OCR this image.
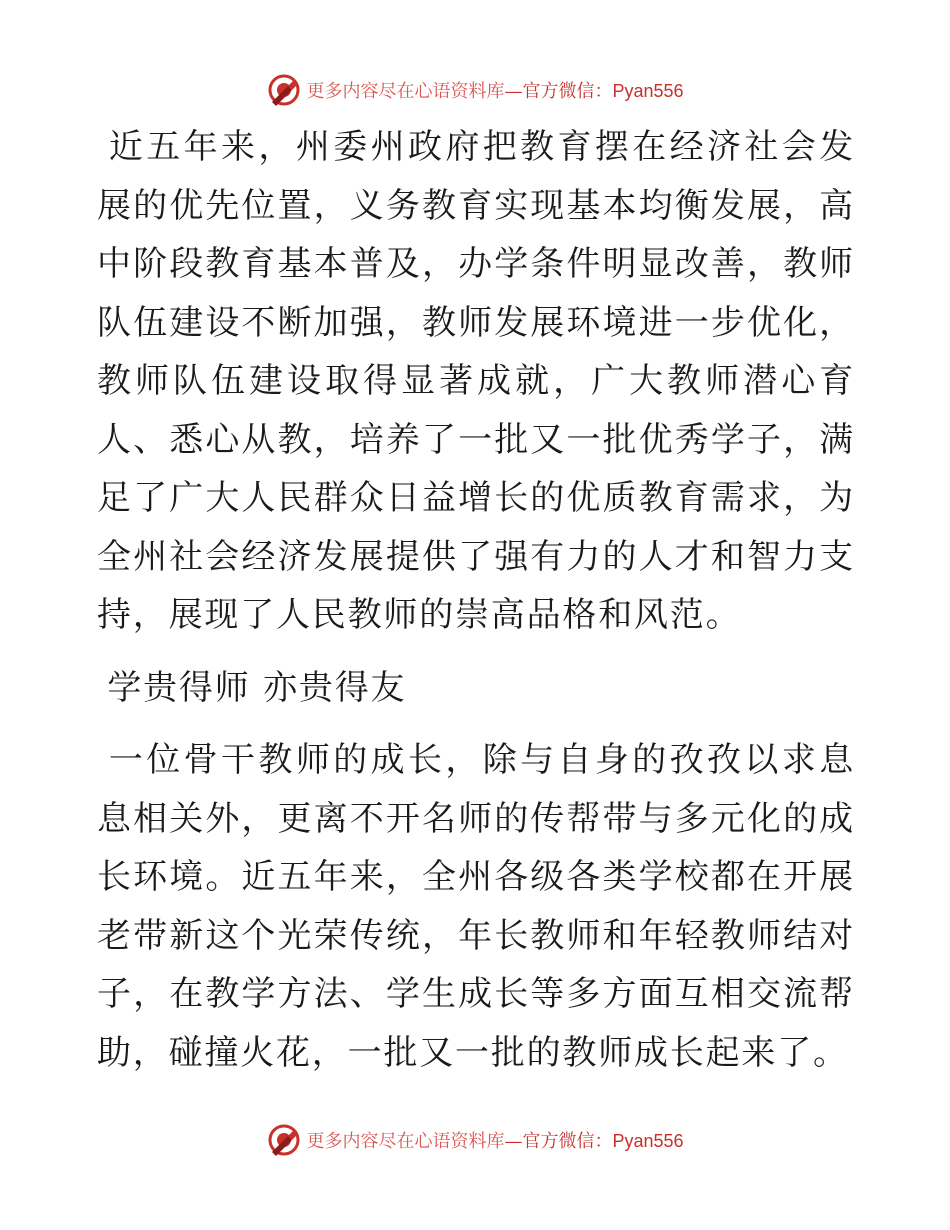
更多内容尽在心语资料库—官方微信：Pyan556

 近五年来，州委州政府把教育摆在经济社会发展的优先位置，义务教育实现基本均衡发展，高中阶段教育基本普及，办学条件明显改善，教师队伍建设不断加强，教师发展环境进一步优化，教师队伍建设取得显著成就，广大教师潜心育人、悉心从教，培养了一批又一批优秀学子，满足了广大人民群众日益增长的优质教育需求，为全州社会经济发展提供了强有力的人才和智力支持，展现了人民教师的崇高品格和风范。

 学贵得师 亦贵得友

 一位骨干教师的成长，除与自身的孜孜以求息息相关外，更离不开名师的传帮带与多元化的成长环境。近五年来，全州各级各类学校都在开展老带新这个光荣传统，年长教师和年轻教师结对子，在教学方法、学生成长等多方面互相交流帮助，碰撞火花，一批又一批的教师成长起来了。

更多内容尽在心语资料库—官方微信：Pyan556
